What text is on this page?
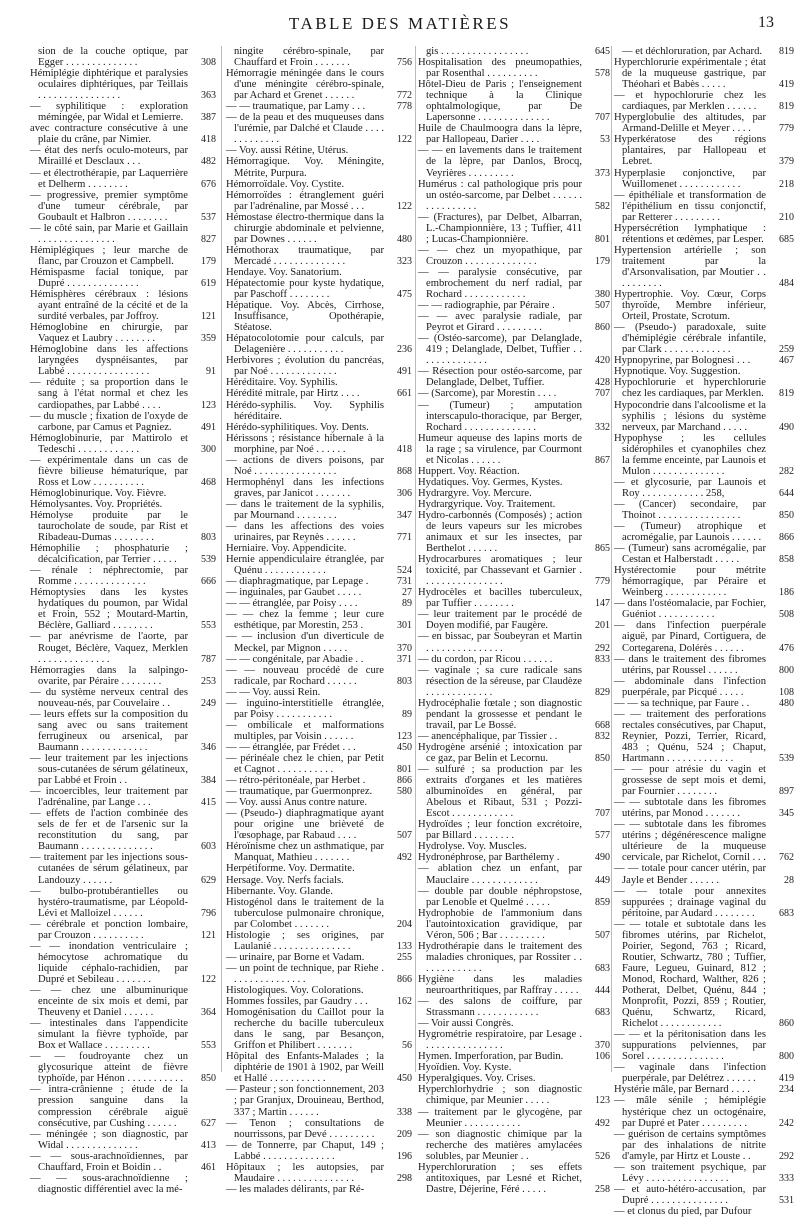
TABLE DES MATIÈRES	13
sion de la couche optique, par Egger . . . . . . . . . . . . . .	308
Hémiplégie diphtérique et paralysies oculaires diphtériques, par Teillais . . . . . . . . . . . . . . . .	363
— syphilitique : exploration mémingée, par Widal et Lemierre. 387
avec contracture consécutive à une plaie du crâne, par Nimier.	418
— état des nerfs oculo-moteurs, par Miraillé et Desclaux . . .	482
— et électrothérapie, par Laquerrière et Delherm . . . . . . . .	676
— progressive, premier symptôme d'une tumeur cérébrale, par Goubault et Halbron . . . . . . . .	537
— le côté sain, par Marie et Gaillain . . . . . . . . . . . . . . .	827
Hémiplégiques ; leur marche de flanc, par Crouzon et Campbell.	179
Hémispasme facial tonique, par Dupré . . . . . . . . . . . . . .	619
Hémisphères cérébraux : lésions ayant entraîné de la cécité et de la surdité verbales, par Joffroy.	121
Hémoglobine en chirurgie, par Vaquez et Laubry . . . . . . . .	359
Hémoglobine dans les affections laryngées dyspnéisantes, par Labbé . . . . . . . . . . . . . . . .	91
— réduite ; sa proportion dans le sang à l'état normal et chez les cardiopathes, par Labbé . . . .	123
— du muscle ; fixation de l'oxyde de carbone, par Camus et Pagniez.	491
Hémoglobinurie, par Mattirolo et Tedeschi . . . . . . . . . . . .	300
— expérimentale dans un cas de fièvre bilieuse hématurique, par Ross et Low . . . . . . . . . .	468
Hémoglobinurique. Voy. Fièvre.
Hémolysantes. Voy. Propriétés.
Hémolyse produite par le taurocholate de soude, par Rist et Ribadeau-Dumas . . . . . . . .	803
Hémophilie ; phosphaturie ; décalcification, par Terrier . . . . . 539
— rénale : néphrectomie, par Romme . . . . . . . . . . . . . .	666
Hémoptysies dans les kystes hydatiques du poumon, par Widal et Froin, 552 ; Moutard-Martin, Béclère, Galliard . . . . . . . .	553
— par anévrisme de l'aorte, par Rouget, Béclère, Vaquez, Merklen . . . . . . . . . . . . . .	787
Hémorragies dans la salpingo-ovarite, par Péraire . . . . . . . .	253
— du système nerveux central des nouveau-nés, par Couvelaire . .	249
— leurs effets sur la composition du sang avec ou sans traitement ferrugineux ou arsenical, par Baumann . . . . . . . . . . . . .	346
— leur traitement par les injections sous-cutanées de sérum gélatineux, par Labbé et Froin . .	384
— incoercibles, leur traitement par l'adrénaline, par Lange . . .	415
— effets de l'action combinée des sels de fer et de l'arsenic sur la reconstitution du sang, par Baumann . . . . . . . . . . . . . .	603
— traitement par les injections sous-cutanées de sérum gélatineux, par Landouzy . . . . . .	629
— bulbo-protubérantielles ou hystéro-traumatisme, par Léopold-Lévi et Malloizel . . . . . .	796
— cérébrale et ponction lombaire, par Crouzon . . . . . . . . . .	121
— — inondation ventriculaire ; hémocytose achromatique du liquide céphalo-rachidien, par Dupré et Sebileau . . . . . . .	122
— — chez une albuminurique enceinte de six mois et demi, par Theuveny et Daniel . . . . . .	364
— intestinales dans l'appendicite simulant la fièvre typhoïde, par Box et Wallace . . . . . . . . .	553
— — foudroyante chez un glycosurique atteint de fièvre typhoïde, par Hénon . . . . . . . . . . . 850
— intra-crânienne ; étude de la pression sanguine dans la compression cérébrale aiguë consécutive, par Cushing . . . . . . 627
— méningée ; son diagnostic, par Widal . . . . . . . . . . . . . .	413
— — sous-arachnoïdiennes, par Chauffard, Froin et Boidin . .	461
— — sous-arachnoïdienne ; diagnostic différentiel avec la mé-
ningite cérébro-spinale, par Chauffard et Froin . . . . . . .	756
Hémorragie méningée dans le cours d'une méningite cérébro-spinale, par Achard et Grenet . . . . . .	772
— — traumatique, par Lamy . . .	778
— de la peau et des muqueuses dans l'urémie, par Dalché et Claude . . . . . . . . . . . . .	122
— Voy. aussi Rétine, Utérus.
Hémorragique. Voy. Méningite, Métrite, Purpura.
Hémorroïdale. Voy. Cystite.
Hémorroïdes : étranglement guéri par l'adrénaline, par Mossé . . .	122
Hémostase électro-thermique dans la chirurgie abdominale et pelvienne, par Downes . . . . . .	480
Hémothorax traumatique, par Mercadé . . . . . . . . . . . . . .	323
Hendaye. Voy. Sanatorium.
Hépatectomie pour kyste hydatique, par Paschoff . . . . . . . .	475
Hépatique. Voy. Abcès, Cirrhose, Insuffisance, Opothérapie, Stéatose.
Hépatocolotomie pour calculs, par Delagenière . . . . . . . . . . .	236
Herbivores ; évolution du pancréas, par Noé . . . . . . . . . . . . .	491
Héréditaire. Voy. Syphilis.
Hérédité mitrale, par Hirtz . . . .	661
Hérédo-syphilis. Voy. Syphilis héréditaire.
Hérédo-syphilitiques. Voy. Dents.
Hérissons ; résistance hibernale à la morphine, par Noé . . . . . .	418
— actions de divers poisons, par Noé . . . . . . . . . . . . . . . .	868
Hermophényl dans les infections graves, par Janicot . . . . . . .	306
— dans le traitement de la syphilis, par Mournand . . . . . . . .	347
— dans les affections des voies urinaires, par Reynès . . . . . .	771
Herniaire. Voy. Appendicite.
Hernie appendiculaire étranglée, par Quénu . . . . . . . . . . . .	524
— diaphragmatique, par Lepage .	731
— inguinales, par Gaubet . . . . .	27
— — étranglée, par Poisy . . . .	89
— — chez la femme ; leur cure esthétique, par Morestin, 253 .	301
— — inclusion d'un diverticule de Meckel, par Mignon . . . . .	370
— — congénitale, par Abadie . .	371
— — nouveau procédé de cure radicale, par Rochard . . . . . .	803
— — Voy. aussi Rein.
— inguino-interstitielle étranglée, par Poisy . . . . . . . . . . .	89
— ombilicale et malformations multiples, par Voisin . . . . . .	123
— — étranglée, par Frédet . . .	450
— périnéale chez le chien, par Petit et Cagnot . . . . . . . . . . .	801
— rétro-péritonéale, par Herbet .	866
— traumatique, par Guermonprez. 580
— Voy. aussi Anus contre nature.
— (Pseudo-) diaphragmatique ayant pour origine une brièveté de l'œsophage, par Rabaud . . . .	507
Héroïnisme chez un asthmatique, par Manquat, Mathieu . . . . . . .	492
Herpétiforme. Voy. Dermatite.
Hersage. Voy. Nerfs facials.
Hibernante. Voy. Glande.
Histogénol dans le traitement de la tuberculose pulmonaire chronique, par Colombet . . . . . . .	204
Histologie ; ses origines, par Laulanié . . . . . . . . . . . . . . .	133
— urinaire, par Borne et Vadam.	255
— un point de technique, par Riehe . . . . . . . . . . . . . . .	866
Histologiques. Voy. Colorations.
Hommes fossiles, par Gaudry . . .	162
Homogénisation du Caillot pour la recherche du bacille tuberculeux dans le sang, par Besançon, Griffon et Philibert . . . . . . .	56
Hôpital des Enfants-Malades ; la diphtérie de 1901 à 1902, par Weill et Hallé . . . . . . . . . . .	450
— Pasteur ; son fonctionnement, 203 ; par Granjux, Drouineau, Berthod, 337 ; Martin . . . . . .	338
— Tenon ; consultations de nourrissons, par Devé . . . . . . . . . 209
— de Tonnerre, par Chaput, 149 ; Labbé . . . . . . . . . . . . . .	196
Hôpitaux ; les autopsies, par Maudaire . . . . . . . . . . . . . . .	298
— les malades délirants, par Ré-
gis . . . . . . . . . . . . . . . . .	645
Hospitalisation des pneumopathies, par Rosenthal . . . . . . . . . .	578
Hôtel-Dieu de Paris ; l'enseignement technique à la Clinique ophtalmologique, par De Lapersonne . . . . . . . . . . . . . .	707
Huile de Chaulmoogra dans la lèpre, par Hallopeau, Darier . . . .	53
— — en lavements dans le traitement de la lèpre, par Danlos, Brocq, Veyrières . . . . . . . . .	373
Humérus : cal pathologique pris pour un ostéo-sarcome, par Delbet . . . . . . . . . . . . . . . .	582
— (Fractures), par Delbet, Albarran, L.-Championnière, 13 ; Tuffier, 411 ; Lucas-Championnière.	801
— — chez un myopathique, par Crouzon . . . . . . . . . . . . . .	179
— — paralysie consécutive, par embrochement du nerf radial, par Rochard . . . . . . . . . . . .	380
— — radiographie, par Péraire .	507
— — avec paralysie radiale, par Peyrot et Girard . . . . . . . . .	860
— (Ostéo-sarcome), par Delanglade, 419 ; Delanglade, Delbet, Tuffier . . . . . . . . . . . . . .	420
— Résection pour ostéo-sarcome, par Delanglade, Delbet, Tuffier.	428
— (Sarcome), par Morestin . . . .	707
— (Tumeur) ; amputation interscapulo-thoracique, par Berger, Rochard . . . . . . . . . . . . . .	332
Humeur aqueuse des lapins morts de la rage ; sa virulence, par Courmont et Nicolas . . . . . .	867
Huppert. Voy. Réaction.
Hydatiques. Voy. Germes, Kystes.
Hydrargyre. Voy. Mercure.
Hydrargyrique. Voy. Traitement.
Hydro-carbonnés (Composés) ; action de leurs vapeurs sur les microbes animaux et sur les insectes, par Berthelot . . . . . .	865
Hydrocarbures aromatiques ; leur toxicité, par Chassevant et Garnier . . . . . . . . . . . . . . . .	779
Hydrocèles et bacilles tuberculeux, par Tuffier . . . . . . . .	147
— leur traitement par le procédé de Doyen modifié, par Faugère.	201
— en bissac, par Soubeyran et Martin . . . . . . . . . . . . . . .	292
— du cordon, par Ricou . . . . . .	833
— vaginale ; sa cure radicale sans résection de la séreuse, par Claudèze . . . . . . . . . . . . .	829
Hydrocéphalie fœtale ; son diagnostic pendant la grossesse et pendant le travail, par Le Bossé.	668
— anencéphalique, par Tissier . .	832
Hydrogène arsénié ; intoxication par ce gaz, par Belin et Lecornu.	850
— sulfuré ; sa production par les extraits d'organes et les matières albuminoïdes en général, par Abelous et Ribaut, 531 ; Pozzi-Escot . . . . . . . . . . . .	707
Hydroïdes ; leur fonction excrétoire, par Billard . . . . . . . .	577
Hydrolyse. Voy. Muscles.
Hydronéphrose, par Barthélemy .	490
— ablation chez un enfant, par Mauclaire . . . . . . . . . . . . .	449
— double par double néphropstose, par Lenoble et Quelmé . . . . .	859
Hydrophobie de l'ammonium dans l'autointoxication gravidique, par Véron, 506 ; Bar . . . . . . . . .	507
Hydrothérapie dans le traitement des maladies chroniques, par Rossiter . . . . . . . . . . . . .	683
Hygiène dans les maladies neuroarthritiques, par Raffray . . . . . 444
— des salons de coiffure, par Strassmann . . . . . . . . . . . .	683
— Voir aussi Congrès.
Hygrométrie respiratoire, par Lesage . . . . . . . . . . . . . . . .	370
Hymen. Imperforation, par Budin.	106
Hyoïdien. Voy. Kyste.
Hyperalgiques. Voy. Crises.
Hyperchlorhydrie ; son diagnostic chimique, par Meunier . . . . .	123
— traitement par le glycogène, par Meunier . . . . . . . . . . .	492
— son diagnostic chimique par la recherche des matières amylacées solubles, par Meunier . .	526
Hyperchloruration ; ses effets antitoxiques, par Lesné et Richet, Dastre, Déjerine, Féré . . . . .	258
— et déchloruration, par Achard. 819
Hyperchlorurie expérimentale ; état de la muqueuse gastrique, par Théohari et Babès . . . . .	419
— et hypochlorurie chez les cardiaques, par Merklen . . . . . . 819
Hyperglobulie des altitudes, par Armand-Delille et Meyer . . . .	779
Hyperkératose des régions plantaires, par Hallopeau et Lebret.	379
Hyperplasie conjonctive, par Wuillomenet . . . . . . . . . . . .	218
— épithéliale et transformation de l'épithélium en tissu conjonctif, par Retterer . . . . . . . . .	210
Hypersécrétion lymphatique : rétentions et œdèmes, par Lesper. 685
Hypertension artérielle ; son traitement par la d'Arsonvalisation, par Moutier . . . . . . . . . .	484
Hypertrophie. Voy. Cœur, Corps thyroïde, Membre inférieur, Orteil, Prostate, Scrotum.
— (Pseudo-) paradoxale, suite d'hémiplégie cérébrale infantile, par Clark . . . . . . . . . . . . .	259
Hypnopyrine, par Bolognesi . . .	467
Hypnotique. Voy. Suggestion.
Hypochlorurie et hyperchlorurie chez les cardiaques, par Merklen. 819
Hypocondrie dans l'alcoolisme et la syphilis ; lésions du système nerveux, par Marchand . . . . .	490
Hypophyse ; les cellules sidérophiles et cyanophiles chez la femme enceinte, par Launois et Mulon . . . . . . . . . . . . . .	282
— et glycosurie, par Launois et Roy . . . . . . . . . . . . 258,	644
— (Cancer) secondaire, par Thoinot . . . . . . . . . . . . . . . .	850
— (Tumeur) atrophique et acromégalie, par Launois . . . . . . 866
— (Tumeur) sans acromégalie, par Cestan et Halberstadt . . . . .	858
Hystérectomie pour métrite hémorragique, par Péraire et Weinberg . . . . . . . . . . . .	186
— dans l'ostéomalacie, par Fochier, Guéniot . . . . . . . . . . .	508
— dans l'infection puerpérale aiguë, par Pinard, Cortiguera, de Cortegarena, Dolérès . . . . . .	476
— dans le traitement des fibromes utérins, par Roussel . . . . . .	800
— abdominale dans l'infection puerpérale, par Picqué . . . . .	108
— — sa technique, par Faure . .	480
— — traitement des perforations rectales consécutives, par Chaput, Reynier, Pozzi, Terrier, Ricard, 483 ; Quénu, 524 ; Chaput, Hartmann . . . . . . . . . . . . .	539
— — pour atrésie du vagin et grossesse de sept mois et demi, par Fournier . . . . . . . .	897
— — subtotale dans les fibromes utérins, par Monod . . . . . . .	345
— — subtotale dans les fibromes utérins ; dégénérescence maligne ultérieure de la muqueuse cervicale, par Richelot, Cornil . . . 762
— — totale pour cancer utérin, par Jayle et Bender . . . . . .	28
— — totale pour annexites suppurées ; drainage vaginal du péritoine, par Audard . . . . . . . . 683
— — totale et subtotale dans les fibromes utérins, par Richelot, Poirier, Segond, 763 ; Ricard, Routier, Schwartz, 780 ; Tuffier, Faure, Legueu, Guinard, 812 ; Monod, Rochard, Walther, 826 ; Potherat, Delbet, Quénu, 844 ; Monprofit, Pozzi, 859 ; Routier, Quénu, Schwartz, Ricard, Richelot . . . . . . . . . . . .	860
— — et la péritonisation dans les suppurations pelviennes, par Sorel . . . . . . . . . . . . . . .	800
— vaginale dans l'infection puerpérale, par Delétrez . . . . . . 419
Hystérie mâle, par Bernard . . . .	234
— mâle sénile ; hémiplégie hystérique chez un octogénaire, par Dupré et Pater . . . . . . . . .	242
— guérison de certains symptômes par des inhalations de nitrite d'amyle, par Hirtz et Louste . .	292
— son traitement psychique, par Lévy . . . . . . . . . . . . . . . .	333
— et auto-hétéro-accusation, par Dupré . . . . . . . . . . . . . . .	531
— et clonus du pied, par Dufour
